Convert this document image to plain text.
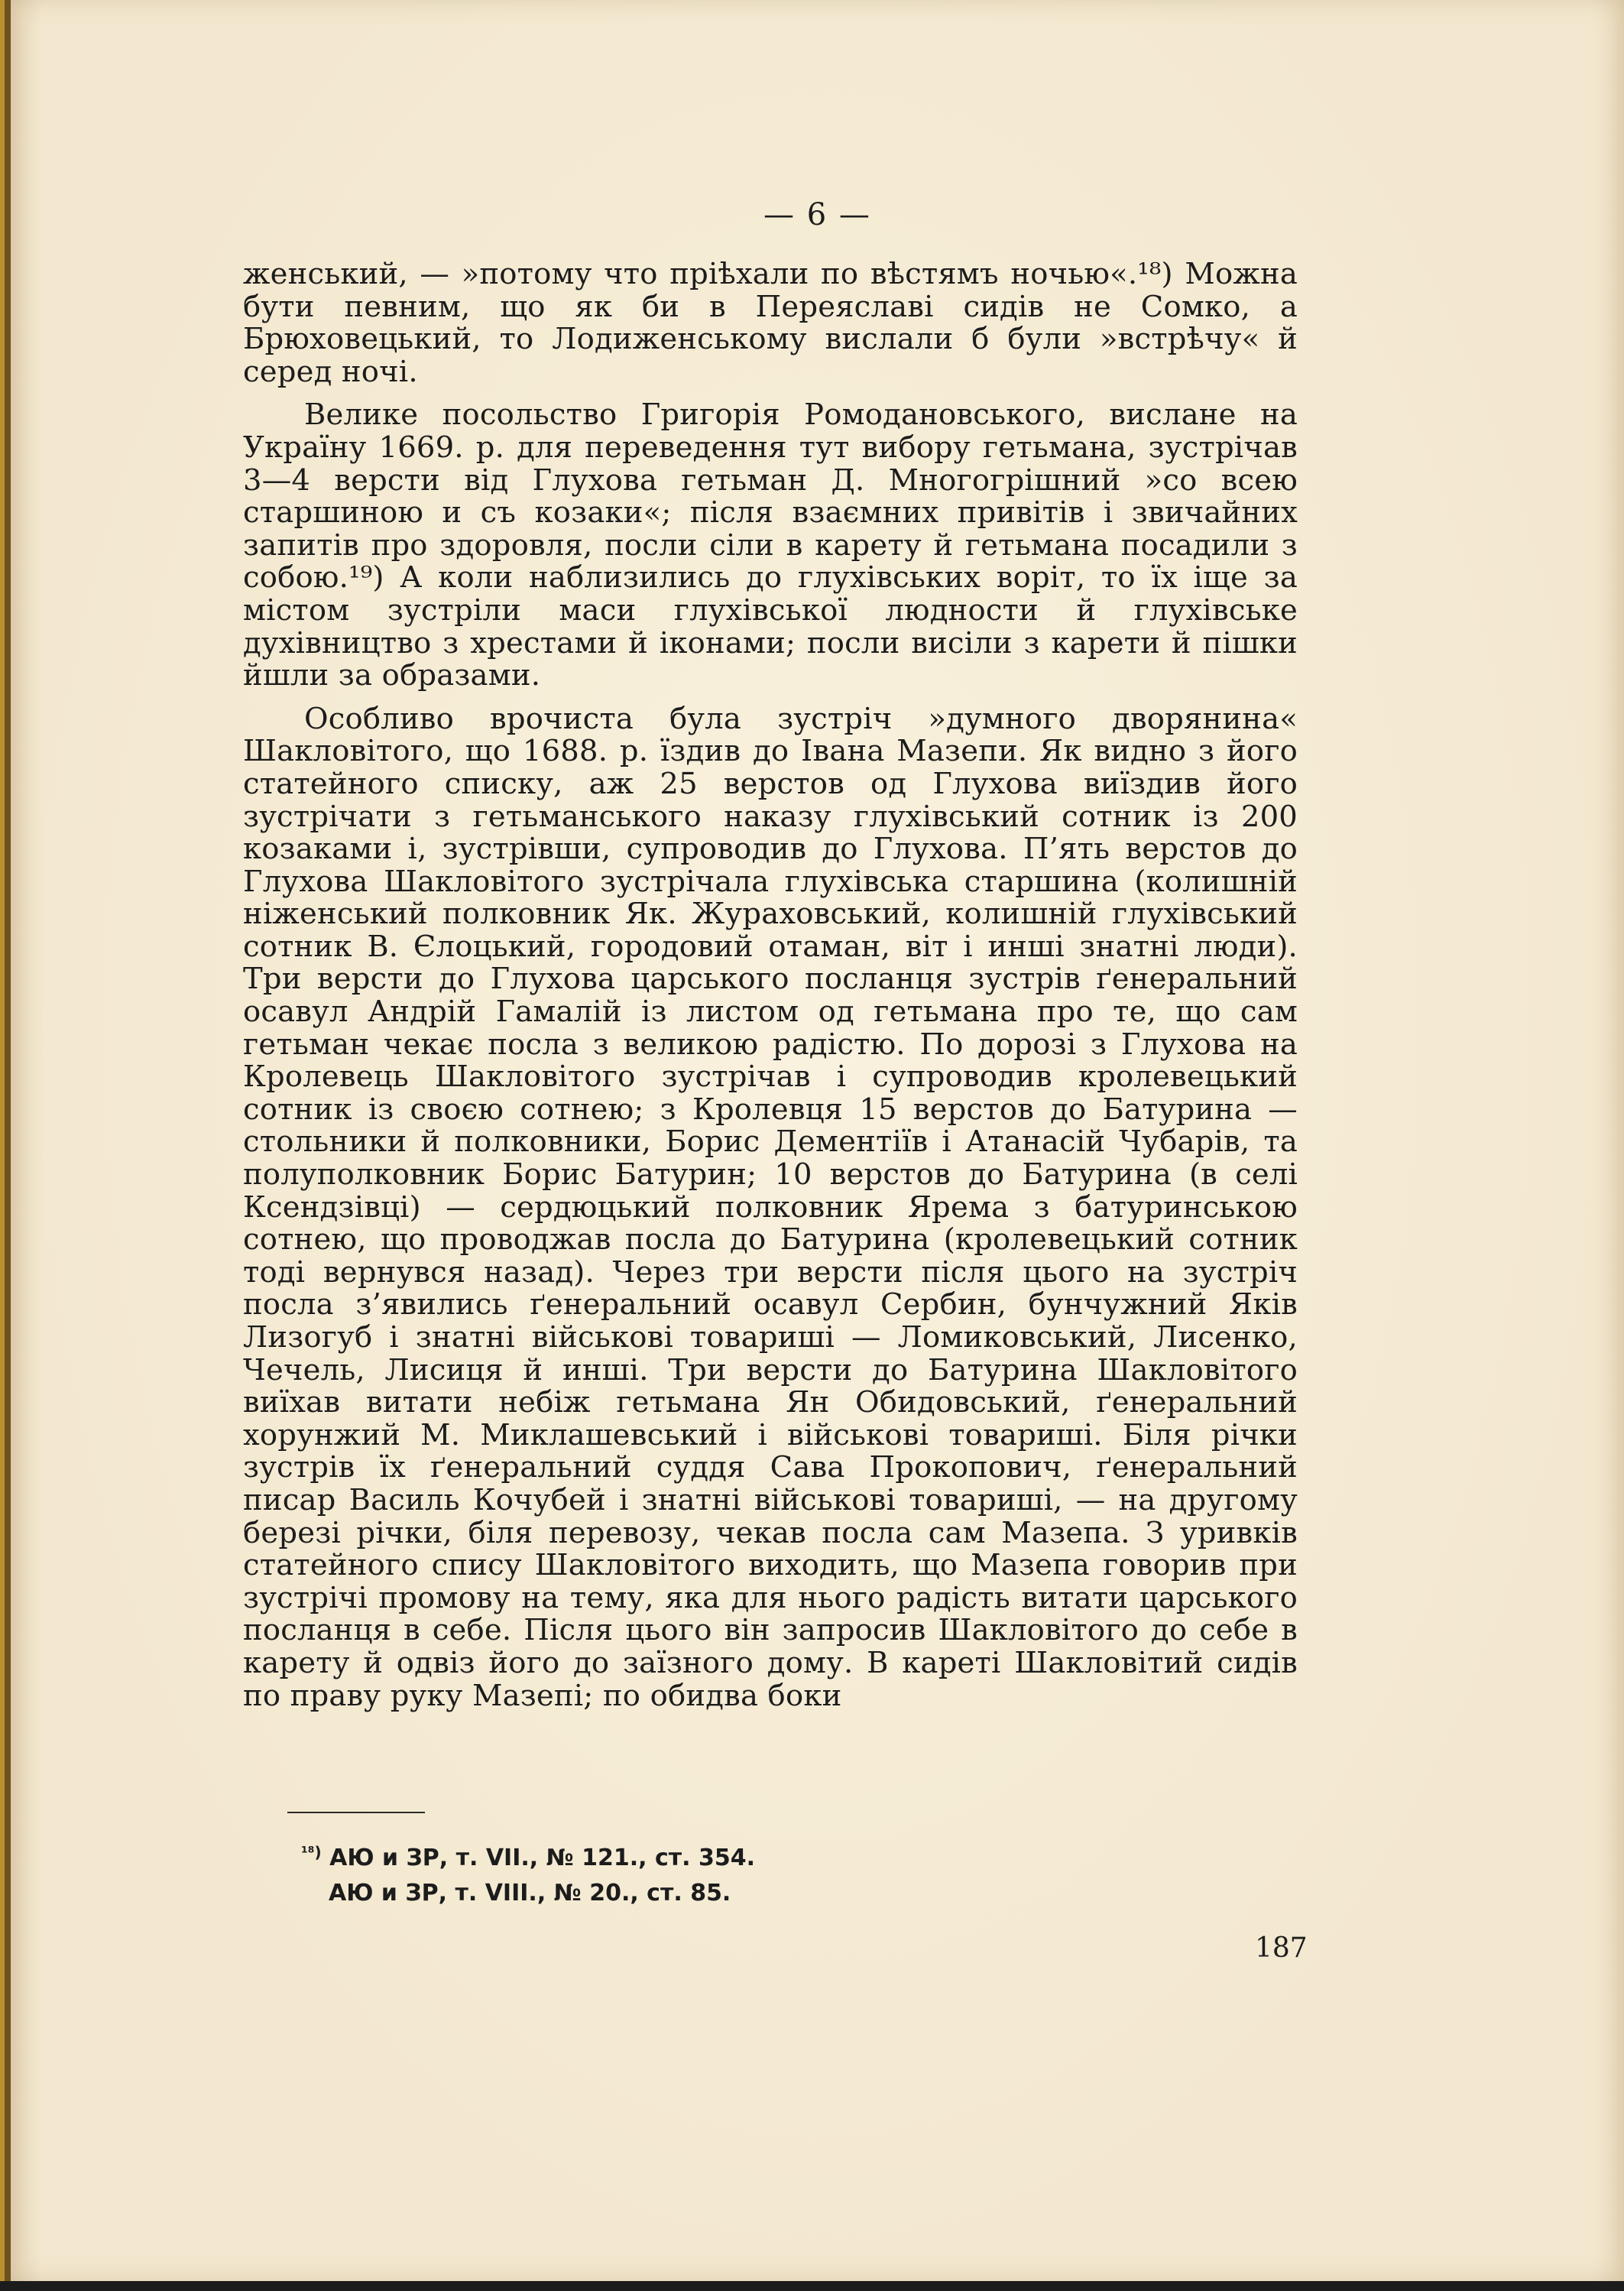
— 6 —

женський, — »потому что прiѣхали по вѣстямъ ночью«.¹⁸) Можна бути певним, що як би в Переяславі сидів не Сомко, а Брюховецький, то Лодиженському вислали б були »встрѣчу« й серед ночі.

Велике посольство Григорія Ромодановського, вислане на Україну 1669. р. для переведення тут вибору гетьмана, зустрічав 3—4 версти від Глухова гетьман Д. Многогрішний »со всею старшиною и съ козаки«; після взаємних привітів і звичайних запитів про здоровля, посли сіли в карету й гетьмана посадили з собою.¹⁹) А коли наблизились до глухівських воріт, то їх іще за містом зустріли маси глухівської людности й глухівське духівництво з хрестами й іконами; посли висіли з карети й пішки йшли за образами.

Особливо врочиста була зустріч »думного дворянина« Шакловітого, що 1688. р. їздив до Івана Мазепи. Як видно з його статейного списку, аж 25 верстов од Глухова виїздив його зустрічати з гетьманського наказу глухівський сотник із 200 козаками і, зустрівши, супроводив до Глухова. П’ять верстов до Глухова Шакловітого зустрічала глухівська старшина (колишній ніженський полковник Як. Жураховський, колишній глухівський сотник В. Єлоцький, городовий отаман, віт і инші знатні люди). Три версти до Глухова царського посланця зустрів ґенеральний осавул Андрій Гамалій із листом од гетьмана про те, що сам гетьман чекає посла з великою радістю. По дорозі з Глухова на Кролевець Шакловітого зустрічав і супроводив кролевецький сотник із своєю сотнею; з Кролевця 15 верстов до Батурина — стольники й полковники, Борис Дементіїв і Атанасій Чубарів, та полуполковник Борис Батурин; 10 верстов до Батурина (в селі Ксендзівці) — сердюцький полковник Ярема з батуринською сотнею, що проводжав посла до Батурина (кролевецький сотник тоді вернувся назад). Через три версти після цього на зустріч посла з’явились ґенеральний осавул Сербин, бунчужний Яків Лизогуб і знатні військові товариші — Ломиковський, Лисенко, Чечель, Лисиця й инші. Три версти до Батурина Шакловітого виїхав витати небіж гетьмана Ян Обидовський, ґенеральний хорунжий М. Миклашевський і військові товариші. Біля річки зустрів їх ґенеральний суддя Сава Прокопович, ґенеральний писар Василь Кочубей і знатні військові товариші, — на другому березі річки, біля перевозу, чекав посла сам Мазепа. З уривків статейного спису Шакловітого виходить, що Мазепа говорив при зустрічі промову на тему, яка для нього радість витати царського посланця в себе. Після цього він запросив Шакловітого до себе в карету й одвіз його до заїзного дому. В кареті Шакловітий сидів по праву руку Мазепі; по обидва боки

$^{^{18})}$ АЮ и ЗР, т. VII., № 121., ст. 354.
АЮ и ЗР, т. VIII., № 20., ст. 85.
187
